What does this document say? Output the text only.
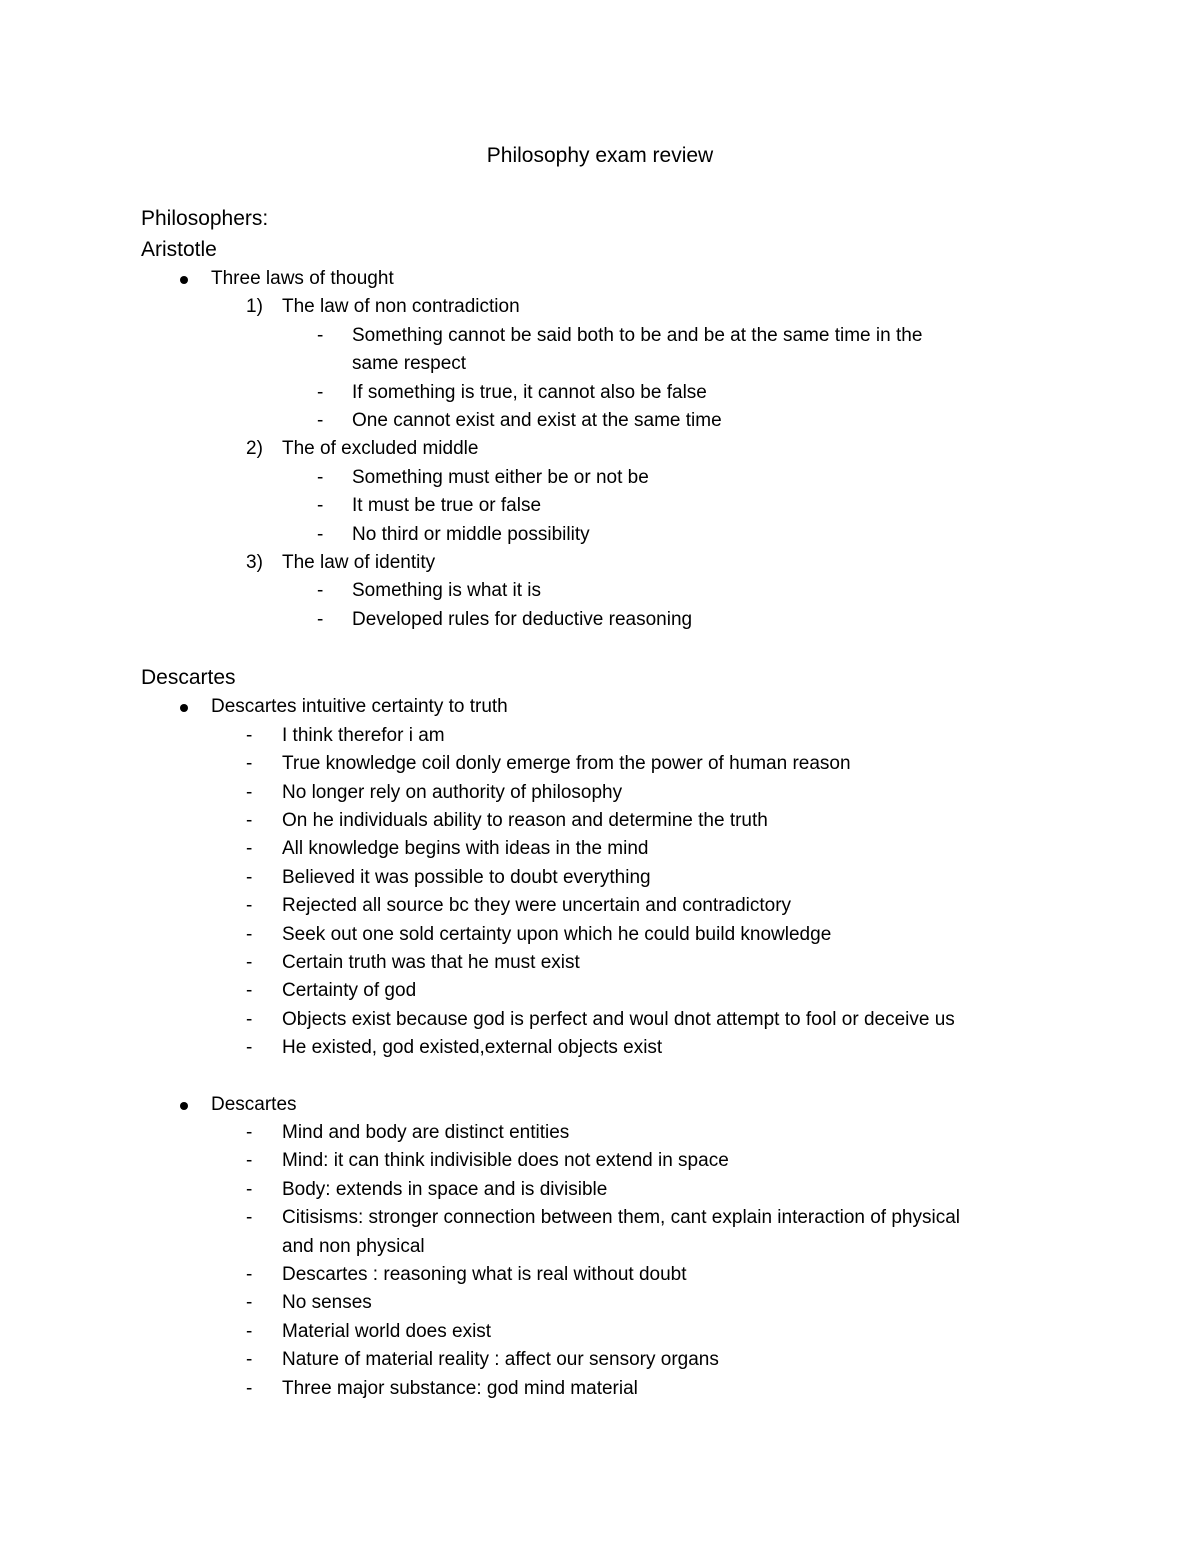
Philosophy exam review
Philosophers:
Aristotle
Three laws of thought
1) The law of non contradiction
- Something cannot be said both to be and be at the same time in the
same respect
- If something is true, it cannot also be false
- One cannot exist and exist at the same time
2) The of excluded middle
- Something must either be or not be
- It must be true or false
- No third or middle possibility
3) The law of identity
- Something is what it is
- Developed rules for deductive reasoning
Descartes
Descartes intuitive certainty to truth
- I think therefor i am
- True knowledge coil donly emerge from the power of human reason
- No longer rely on authority of philosophy
- On he individuals ability to reason and determine the truth
- All knowledge begins with ideas in the mind
- Believed it was possible to doubt everything
- Rejected all source bc they were uncertain and contradictory
- Seek out one sold certainty upon which he could build knowledge
- Certain truth was that he must exist
- Certainty of god
- Objects exist because god is perfect and woul dnot attempt to fool or deceive us
- He existed, god existed,external objects exist
Descartes
- Mind and body are distinct entities
- Mind: it can think indivisible does not extend in space
- Body: extends in space and is divisible
- Citisisms: stronger connection between them, cant explain interaction of physical
and non physical
- Descartes : reasoning what is real without doubt
- No senses
- Material world does exist
- Nature of material reality : affect our sensory organs
- Three major substance: god mind material
